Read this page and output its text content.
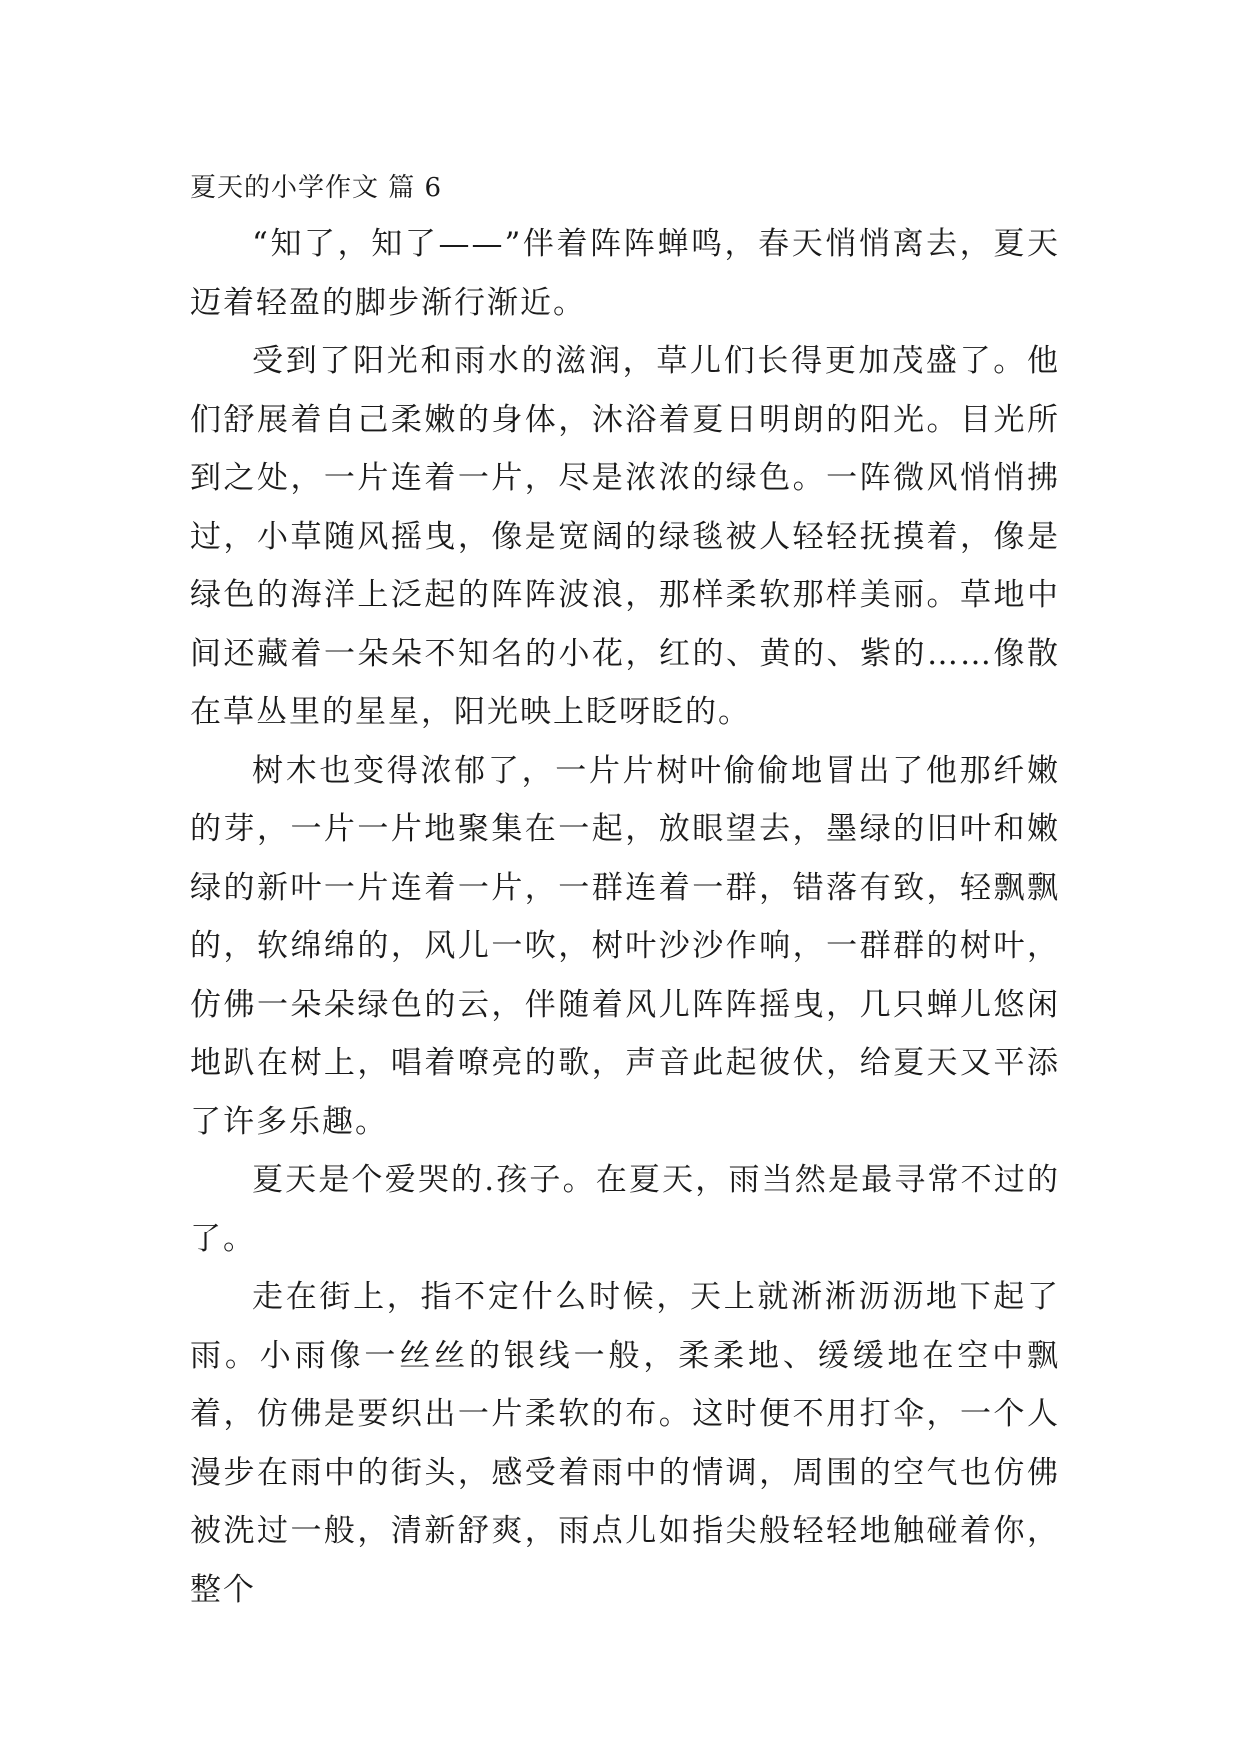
夏天的小学作文 篇 6

“知了，知了——”伴着阵阵蝉鸣，春天悄悄离去，夏天迈着轻盈的脚步渐行渐近。

受到了阳光和雨水的滋润，草儿们长得更加茂盛了。他们舒展着自己柔嫩的身体，沐浴着夏日明朗的阳光。目光所到之处，一片连着一片，尽是浓浓的绿色。一阵微风悄悄拂过，小草随风摇曳，像是宽阔的绿毯被人轻轻抚摸着，像是绿色的海洋上泛起的阵阵波浪，那样柔软那样美丽。草地中间还藏着一朵朵不知名的小花，红的、黄的、紫的……像散在草丛里的星星，阳光映上眨呀眨的。

树木也变得浓郁了，一片片树叶偷偷地冒出了他那纤嫩的芽，一片一片地聚集在一起，放眼望去，墨绿的旧叶和嫩绿的新叶一片连着一片，一群连着一群，错落有致，轻飘飘的，软绵绵的，风儿一吹，树叶沙沙作响，一群群的树叶，仿佛一朵朵绿色的云，伴随着风儿阵阵摇曳，几只蝉儿悠闲地趴在树上，唱着嘹亮的歌，声音此起彼伏，给夏天又平添了许多乐趣。

夏天是个爱哭的.孩子。在夏天，雨当然是最寻常不过的了。

走在街上，指不定什么时候，天上就淅淅沥沥地下起了雨。小雨像一丝丝的银线一般，柔柔地、缓缓地在空中飘着，仿佛是要织出一片柔软的布。这时便不用打伞，一个人漫步在雨中的街头，感受着雨中的情调，周围的空气也仿佛被洗过一般，清新舒爽，雨点儿如指尖般轻轻地触碰着你，整个
